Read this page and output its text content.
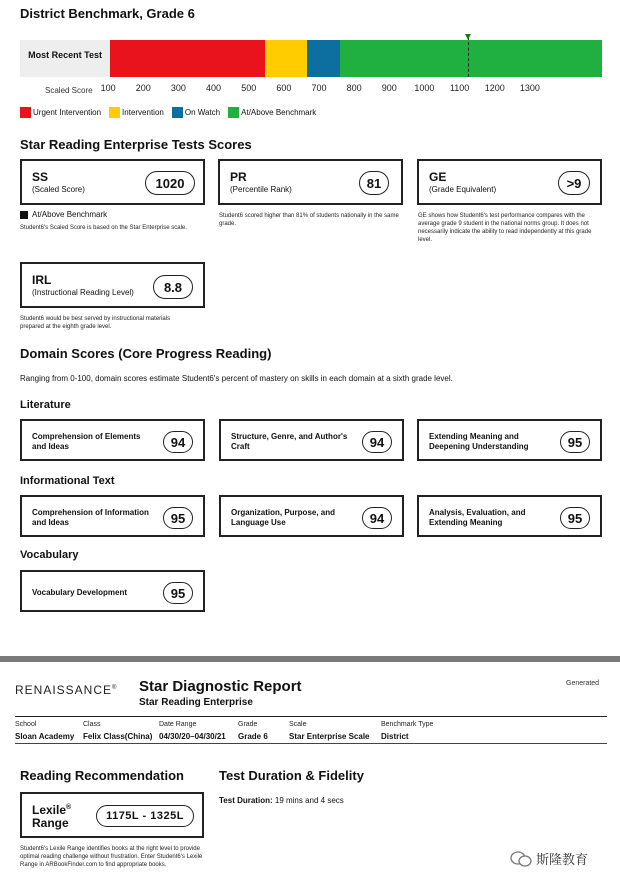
District Benchmark, Grade 6
Most Recent Test
Scaled Score 100 200 300 400 500 600 700 800 900 1000 1100 1200 1300
Urgent Intervention	Intervention	On Watch	At/Above Benchmark
Star Reading Enterprise Tests Scores
SS
(Scaled Score)	1020
At/Above Benchmark
Student6's Scaled Score is based on the Star Enterprise scale.
PR
(Percentile Rank)	81
Student6 scored higher than 81% of students nationally in the same grade.
GE
(Grade Equivalent)	>9
GE shows how Student6's test performance compares with the average grade 9 student in the national norms group. It does not necessarily indicate the ability to read independently at this grade level.
IRL
(Instructional Reading Level)	8.8
Student6 would be best served by instructional materials prepared at the eighth grade level.
Domain Scores (Core Progress Reading)
Ranging from 0-100, domain scores estimate Student6's percent of mastery on skills in each domain at a sixth grade level.
Literature
Comprehension of Elements and Ideas	94	Structure, Genre, and Author's Craft	94	Extending Meaning and Deepening Understanding	95
Informational Text
Comprehension of Information and Ideas	95	Organization, Purpose, and Language Use	94	Analysis, Evaluation, and Extending Meaning	95
Vocabulary
Vocabulary Development	95
RENAISSANCE® Star Diagnostic Report
Star Reading Enterprise
Generated
School
Sloan Academy
Class
Felix Class(China)
Date Range
04/30/20–04/30/21
Grade
Grade 6
Scale
Star Enterprise Scale
Benchmark Type
District
Reading Recommendation
Lexile®
Range	1175L - 1325L
Student6's Lexile Range identifies books at the right level to provide optimal reading challenge without frustration. Enter Student6's Lexile Range in ARBookFinder.com to find appropriate books.
Test Duration & Fidelity
Test Duration: 19 mins and 4 secs
斯隆教育
